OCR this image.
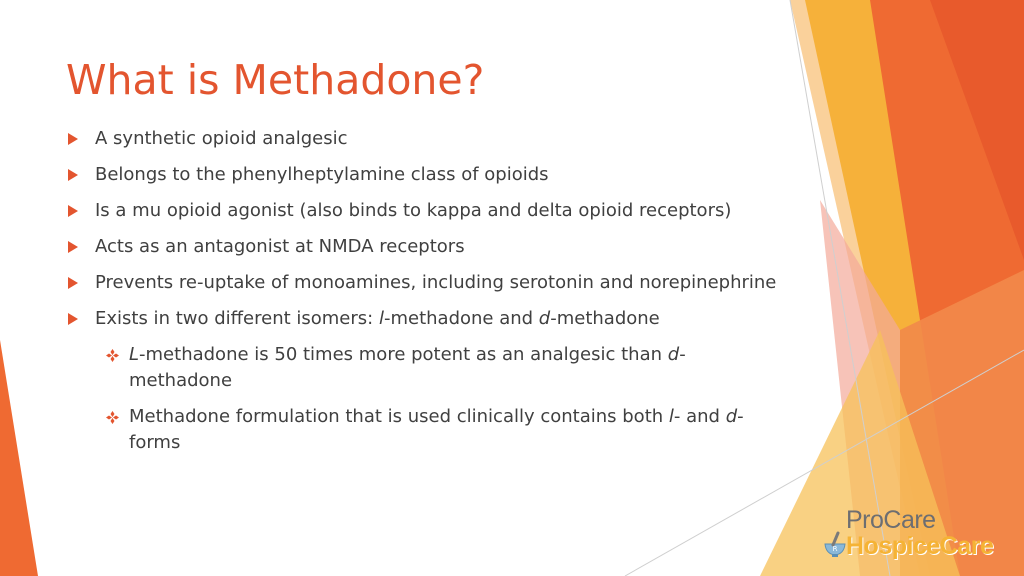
What is Methadone?
A synthetic opioid analgesic
Belongs to the phenylheptylamine class of opioids
Is a mu opioid agonist (also binds to kappa and delta opioid receptors)
Acts as an antagonist at NMDA receptors
Prevents re-uptake of monoamines, including serotonin and norepinephrine
Exists in two different isomers: l-methadone and d-methadone
L-methadone is 50 times more potent as an analgesic than d-methadone
Methadone formulation that is used clinically contains both l- and d- forms
R
ProCare
HospiceCare
